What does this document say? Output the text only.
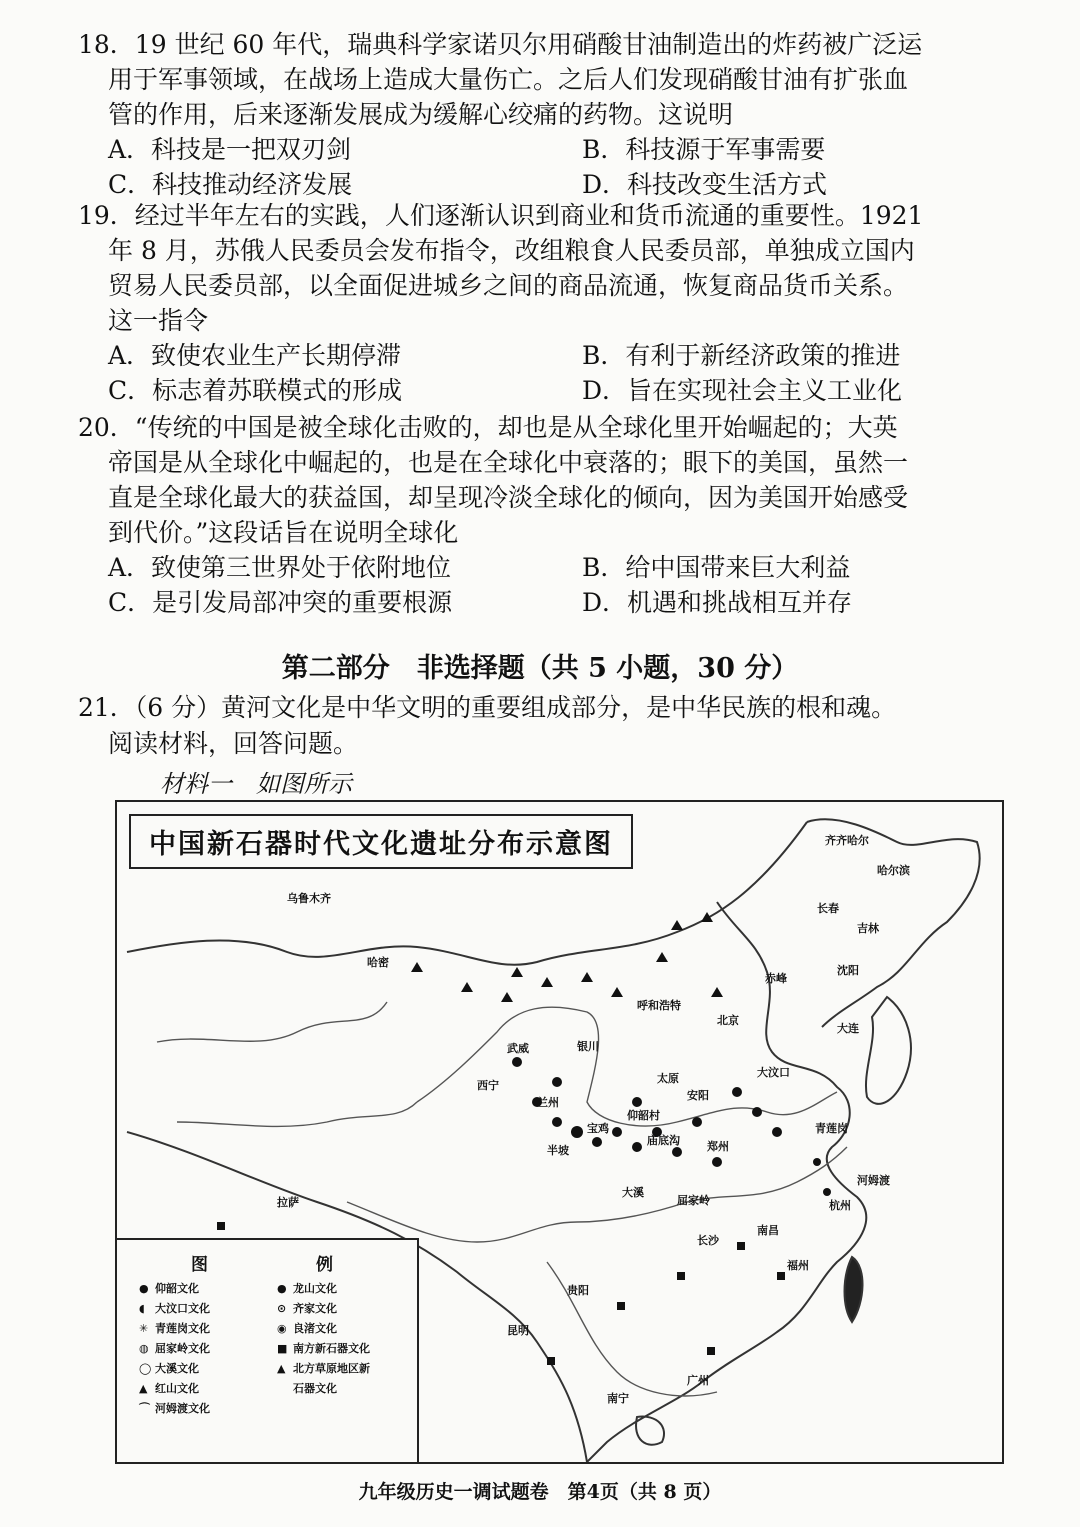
18．19 世纪 60 年代，瑞典科学家诺贝尔用硝酸甘油制造出的炸药被广泛运
用于军事领域，在战场上造成大量伤亡。之后人们发现硝酸甘油有扩张血
管的作用，后来逐渐发展成为缓解心绞痛的药物。这说明
A．科技是一把双刃剑	B．科技源于军事需要
C．科技推动经济发展	D．科技改变生活方式
19．经过半年左右的实践，人们逐渐认识到商业和货币流通的重要性。1921
年 8 月，苏俄人民委员会发布指令，改组粮食人民委员部，单独成立国内
贸易人民委员部，以全面促进城乡之间的商品流通，恢复商品货币关系。
这一指令
A．致使农业生产长期停滞	B．有利于新经济政策的推进
C．标志着苏联模式的形成	D．旨在实现社会主义工业化
20．“传统的中国是被全球化击败的，却也是从全球化里开始崛起的；大英
帝国是从全球化中崛起的，也是在全球化中衰落的；眼下的美国，虽然一
直是全球化最大的获益国，却呈现冷淡全球化的倾向，因为美国开始感受
到代价。”这段话旨在说明全球化
A．致使第三世界处于依附地位	B．给中国带来巨大利益
C．是引发局部冲突的重要根源	D．机遇和挑战相互并存
第二部分　非选择题（共 5 小题，30 分）
21．（6 分）黄河文化是中华文明的重要组成部分，是中华民族的根和魂。
阅读材料，回答问题。
材料一　如图所示
中国新石器时代文化遗址分布示意图
乌鲁木齐
哈密
齐齐哈尔
哈尔滨
长春
吉林
沈阳
赤峰
北京
大连
呼和浩特
银川
武威
西宁
兰州
宝鸡
太原
安阳
大汶口
郑州
仰韶村
半坡
庙底沟
大溪
屈家岭
青莲岗
杭州
河姆渡
福州
南昌
长沙
贵阳
昆明
南宁
广州
拉萨
图	例
● 仰韶文化	● 龙山文化
◖ 大汶口文化	⊙ 齐家文化
✳ 青莲岗文化	◉ 良渚文化
◍ 屈家岭文化	■ 南方新石器文化
◯ 大溪文化	▲ 北方草原地区新
▲ 红山文化	石器文化
⌒ 河姆渡文化
九年级历史一调试题卷　第4页（共 8 页）
